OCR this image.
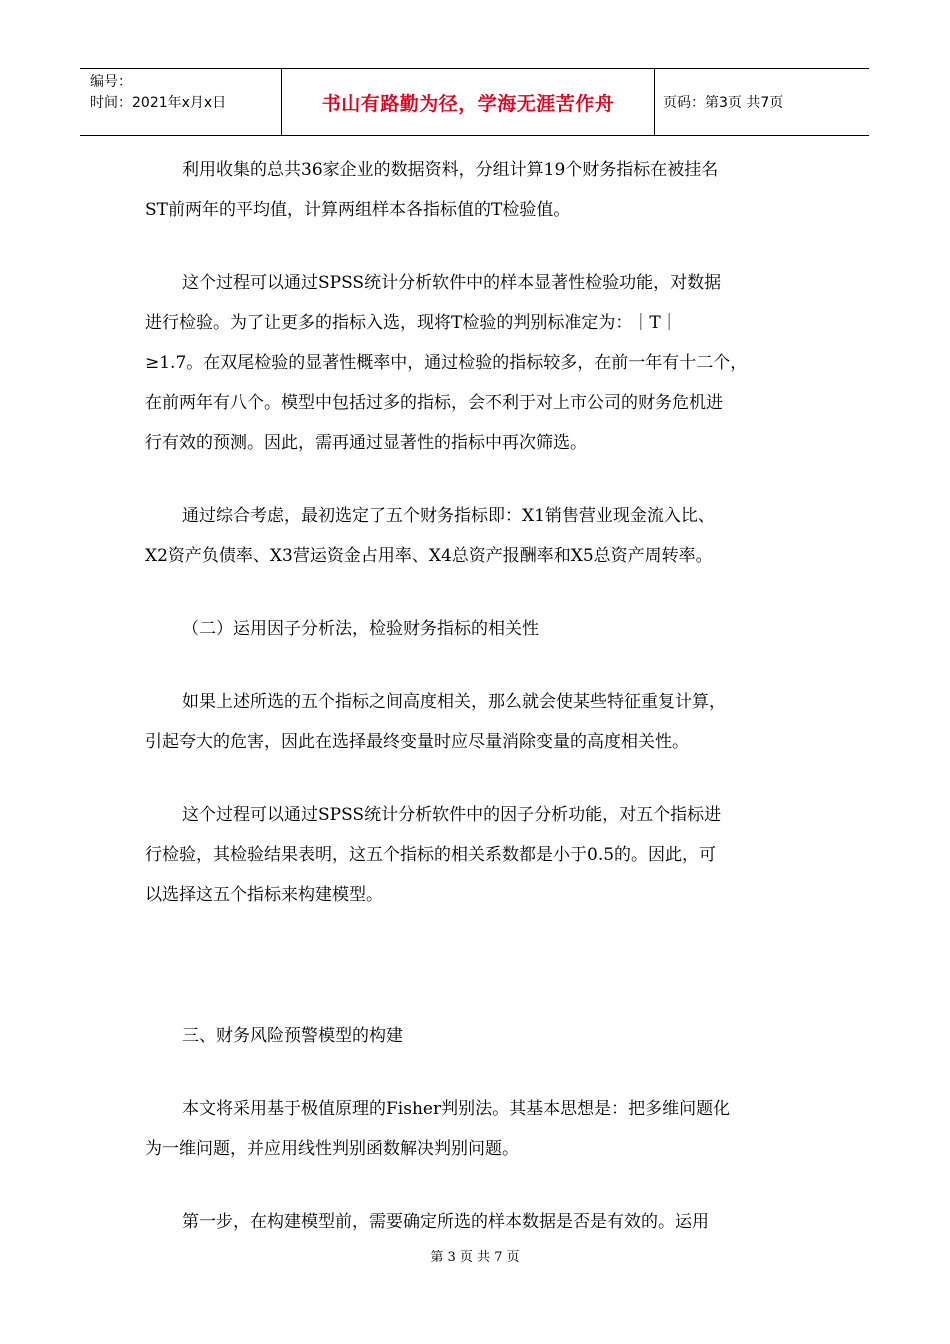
编号：
时间：2021年x月x日	书山有路勤为径，学海无涯苦作舟	页码：第3页 共7页
利用收集的总共36家企业的数据资料，分组计算19个财务指标在被挂名
ST前两年的平均值，计算两组样本各指标值的T检验值。
这个过程可以通过SPSS统计分析软件中的样本显著性检验功能，对数据
进行检验。为了让更多的指标入选，现将T检验的判别标准定为：｜T｜
≥1.7。在双尾检验的显著性概率中，通过检验的指标较多，在前一年有十二个，
在前两年有八个。模型中包括过多的指标，会不利于对上市公司的财务危机进
行有效的预测。因此，需再通过显著性的指标中再次筛选。
通过综合考虑，最初选定了五个财务指标即：X1销售营业现金流入比、
X2资产负债率、X3营运资金占用率、X4总资产报酬率和X5总资产周转率。
（二）运用因子分析法，检验财务指标的相关性
如果上述所选的五个指标之间高度相关，那么就会使某些特征重复计算，
引起夸大的危害，因此在选择最终变量时应尽量消除变量的高度相关性。
这个过程可以通过SPSS统计分析软件中的因子分析功能，对五个指标进
行检验，其检验结果表明，这五个指标的相关系数都是小于0.5的。因此，可
以选择这五个指标来构建模型。
三、财务风险预警模型的构建
本文将采用基于极值原理的Fisher判别法。其基本思想是：把多维问题化
为一维问题，并应用线性判别函数解决判别问题。
第一步，在构建模型前，需要确定所选的样本数据是否是有效的。运用
第 3 页 共 7 页
